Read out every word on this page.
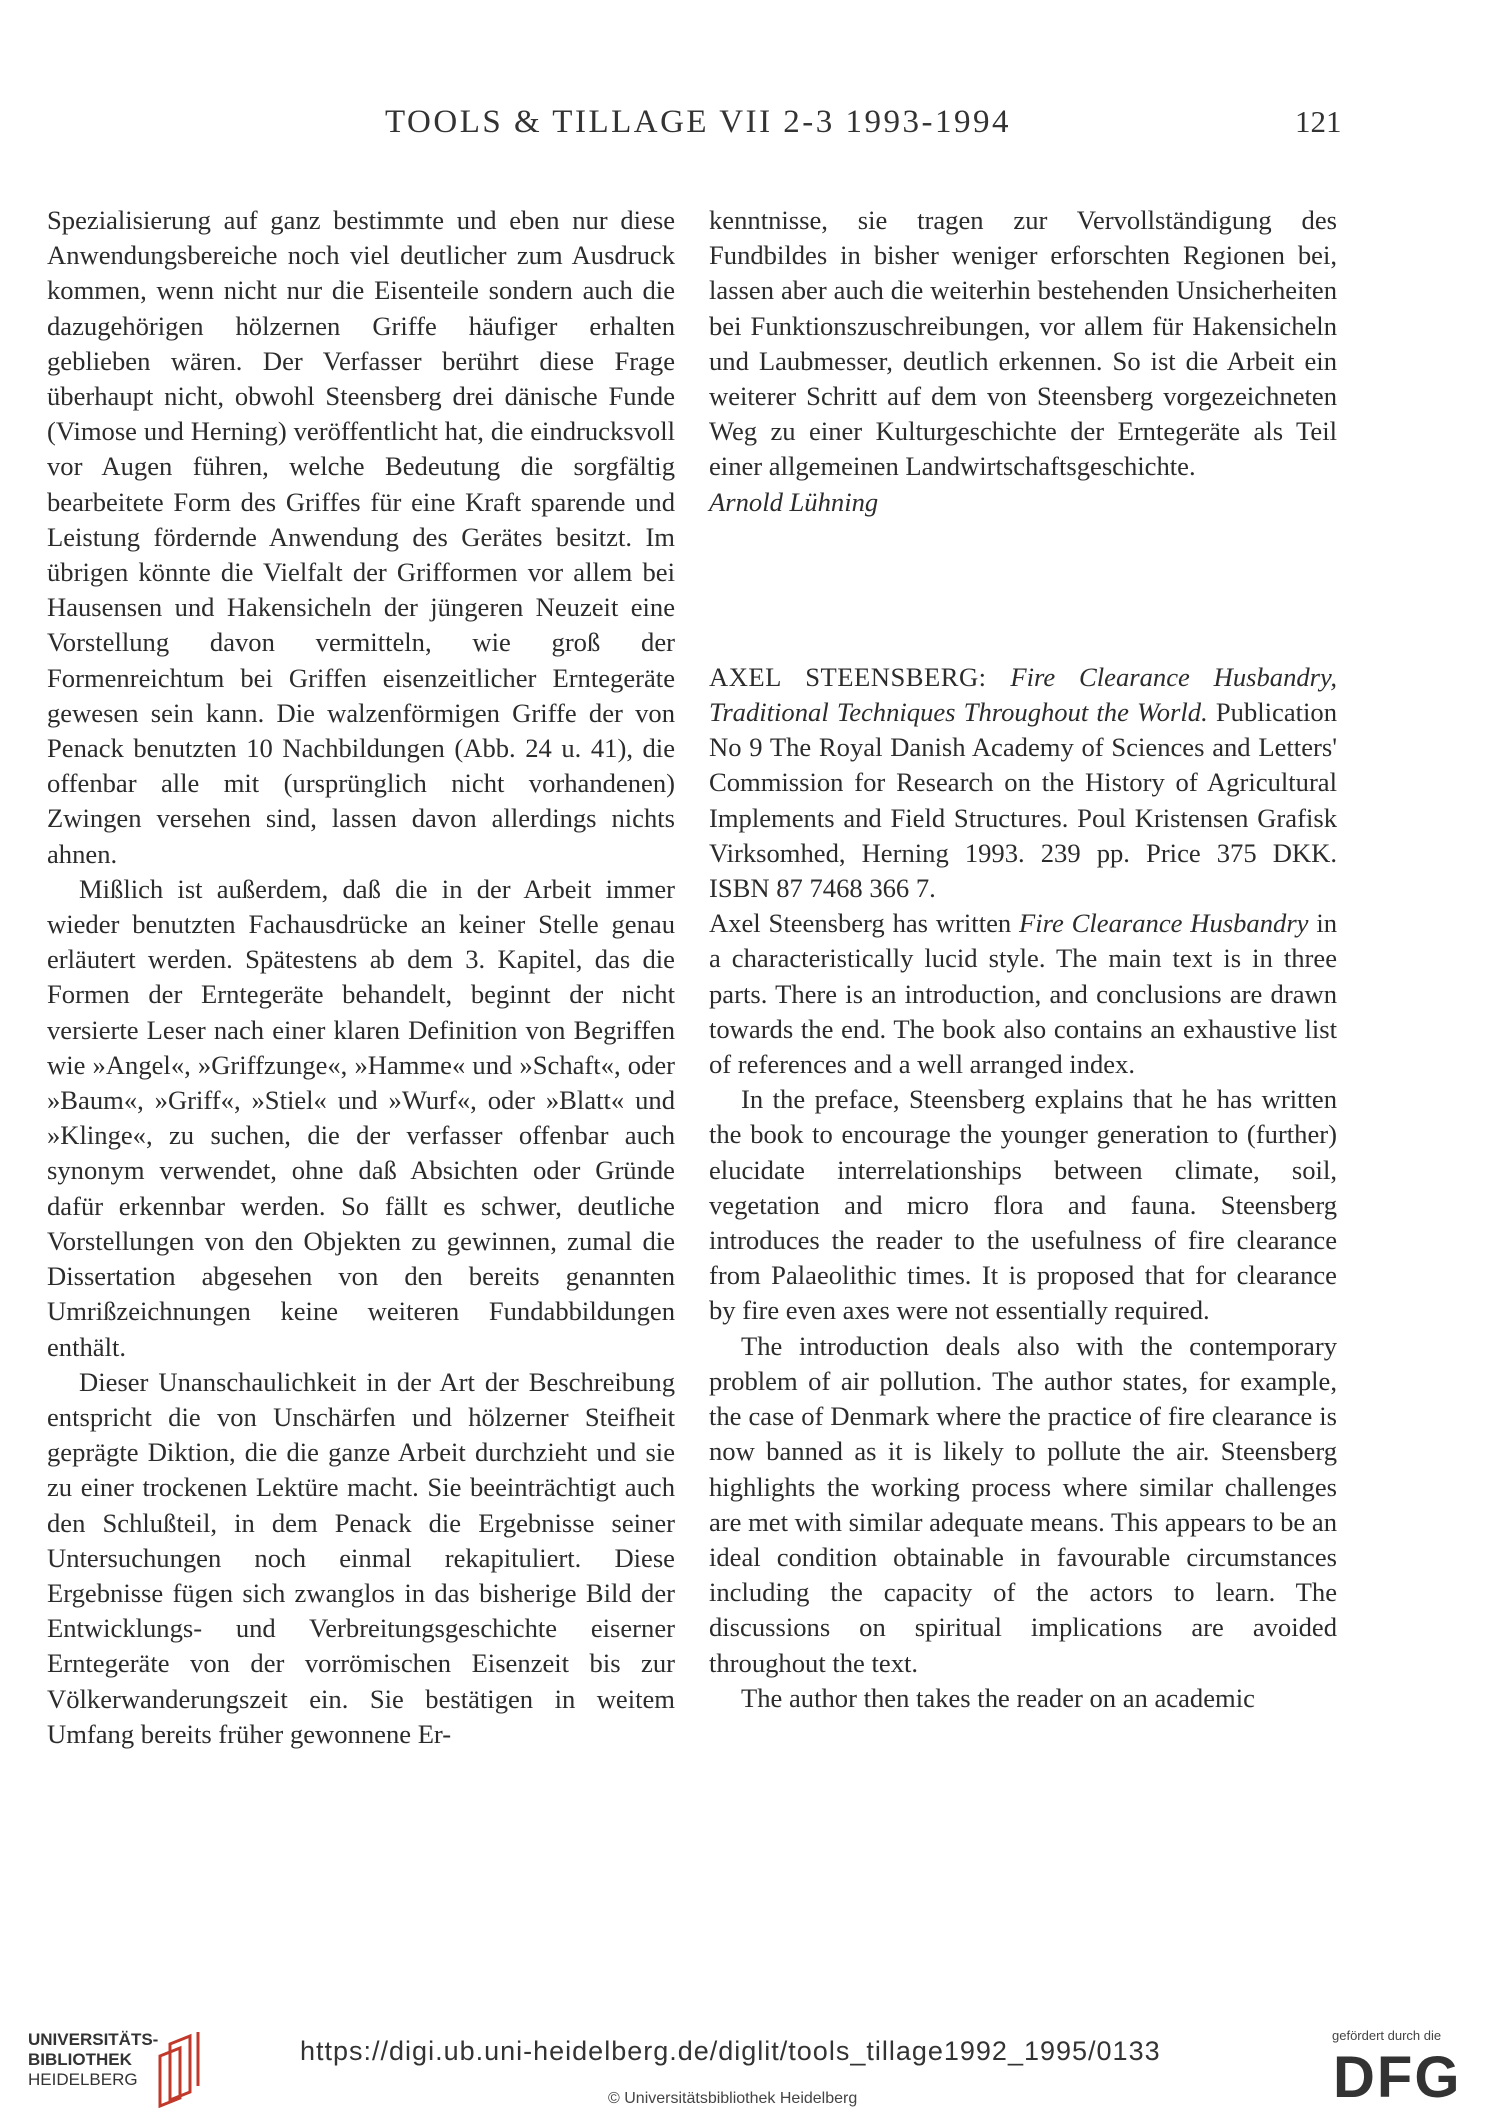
TOOLS & TILLAGE VII 2-3 1993-1994	121

Spezialisierung auf ganz bestimmte und eben nur diese Anwendungsbereiche noch viel deutlicher zum Ausdruck kommen, wenn nicht nur die Eisenteile sondern auch die dazugehörigen hölzernen Griffe häufiger erhalten geblieben wären. Der Verfasser berührt diese Frage überhaupt nicht, obwohl Steensberg drei dänische Funde (Vimose und Herning) veröffentlicht hat, die eindrucksvoll vor Augen führen, welche Bedeutung die sorgfältig bearbeitete Form des Griffes für eine Kraft sparende und Leistung fördernde Anwendung des Gerätes besitzt. Im übrigen könnte die Vielfalt der Grifformen vor allem bei Hausensen und Hakensicheln der jüngeren Neuzeit eine Vorstellung davon vermitteln, wie groß der Formenreichtum bei Griffen eisenzeitlicher Erntegeräte gewesen sein kann. Die walzenförmigen Griffe der von Penack benutzten 10 Nachbildungen (Abb. 24 u. 41), die offenbar alle mit (ursprünglich nicht vorhandenen) Zwingen versehen sind, lassen davon allerdings nichts ahnen.

Mißlich ist außerdem, daß die in der Arbeit immer wieder benutzten Fachausdrücke an keiner Stelle genau erläutert werden. Spätestens ab dem 3. Kapitel, das die Formen der Erntegeräte behandelt, beginnt der nicht versierte Leser nach einer klaren Definition von Begriffen wie »Angel«, »Griffzunge«, »Hamme« und »Schaft«, oder »Baum«, »Griff«, »Stiel« und »Wurf«, oder »Blatt« und »Klinge«, zu suchen, die der verfasser offenbar auch synonym verwendet, ohne daß Absichten oder Gründe dafür erkennbar werden. So fällt es schwer, deutliche Vorstellungen von den Objekten zu gewinnen, zumal die Dissertation abgesehen von den bereits genannten Umrißzeichnungen keine weiteren Fundabbildungen enthält.

Dieser Unanschaulichkeit in der Art der Beschreibung entspricht die von Unschärfen und hölzerner Steifheit geprägte Diktion, die die ganze Arbeit durchzieht und sie zu einer trockenen Lektüre macht. Sie beeinträchtigt auch den Schlußteil, in dem Penack die Ergebnisse seiner Untersuchungen noch einmal rekapituliert. Diese Ergebnisse fügen sich zwanglos in das bisherige Bild der Entwicklungs- und Verbreitungsgeschichte eiserner Erntegeräte von der vorrömischen Eisenzeit bis zur Völkerwanderungszeit ein. Sie bestätigen in weitem Umfang bereits früher gewonnene Er-

kenntnisse, sie tragen zur Vervollständigung des Fundbildes in bisher weniger erforschten Regionen bei, lassen aber auch die weiterhin bestehenden Unsicherheiten bei Funktionszuschreibungen, vor allem für Hakensicheln und Laubmesser, deutlich erkennen. So ist die Arbeit ein weiterer Schritt auf dem von Steensberg vorgezeichneten Weg zu einer Kulturgeschichte der Erntegeräte als Teil einer allgemeinen Landwirtschaftsgeschichte.

Arnold Lühning

AXEL STEENSBERG: Fire Clearance Husbandry, Traditional Techniques Throughout the World. Publication No 9 The Royal Danish Academy of Sciences and Letters' Commission for Research on the History of Agricultural Implements and Field Structures. Poul Kristensen Grafisk Virksomhed, Herning 1993. 239 pp. Price 375 DKK. ISBN 87 7468 366 7.

Axel Steensberg has written Fire Clearance Husbandry in a characteristically lucid style. The main text is in three parts. There is an introduction, and conclusions are drawn towards the end. The book also contains an exhaustive list of references and a well arranged index.

In the preface, Steensberg explains that he has written the book to encourage the younger generation to (further) elucidate interrelationships between climate, soil, vegetation and micro flora and fauna. Steensberg introduces the reader to the usefulness of fire clearance from Palaeolithic times. It is proposed that for clearance by fire even axes were not essentially required.

The introduction deals also with the contemporary problem of air pollution. The author states, for example, the case of Denmark where the practice of fire clearance is now banned as it is likely to pollute the air. Steensberg highlights the working process where similar challenges are met with similar adequate means. This appears to be an ideal condition obtainable in favourable circumstances including the capacity of the actors to learn. The discussions on spiritual implications are avoided throughout the text.

The author then takes the reader on an academic

UNIVERSITÄTS-
BIBLIOTHEK
HEIDELBERG
https://digi.ub.uni-heidelberg.de/diglit/tools_tillage1992_1995/0133
© Universitätsbibliothek Heidelberg
gefördert durch die
DFG
